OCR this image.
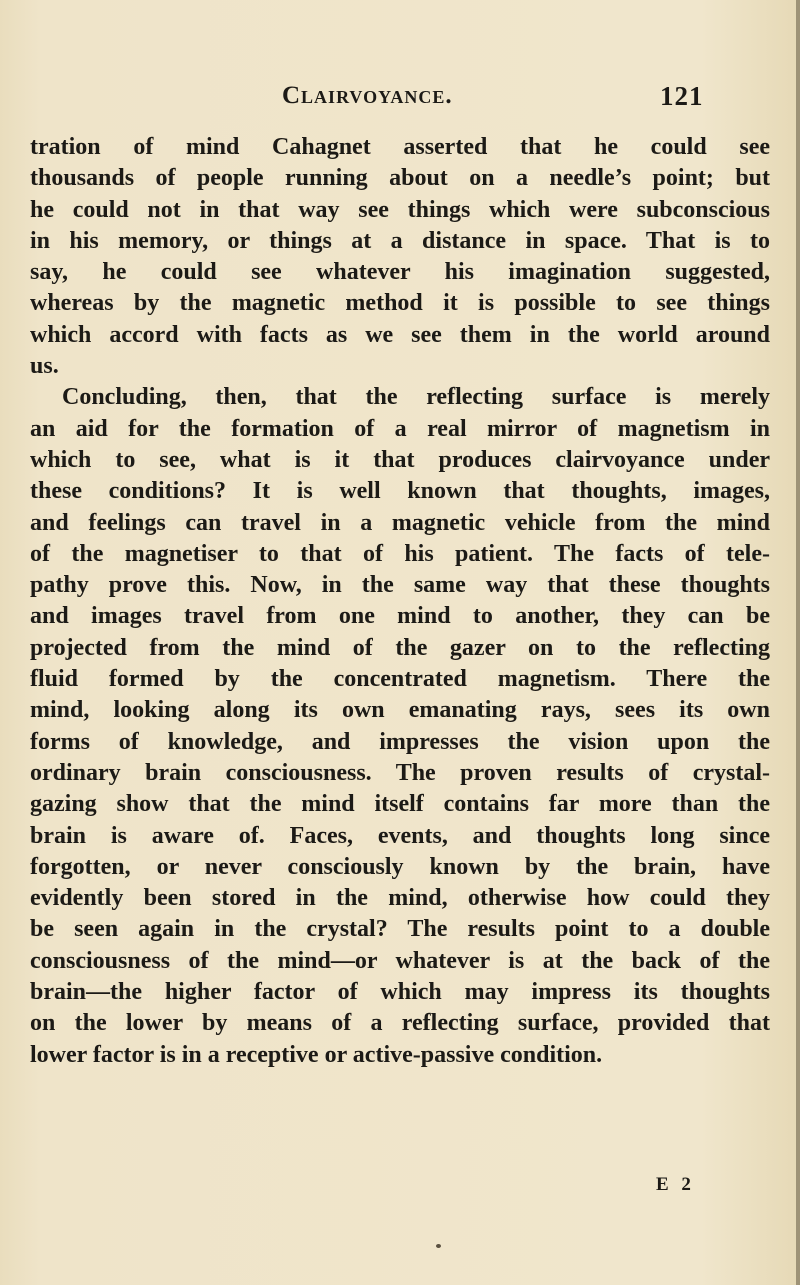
Clairvoyance.	121
tration of mind Cahagnet asserted that he could see
thousands of people running about on a needle’s point; but
he could not in that way see things which were subconscious
in his memory, or things at a distance in space. That is to
say, he could see whatever his imagination suggested,
whereas by the magnetic method it is possible to see things
which accord with facts as we see them in the world around
us.
Concluding, then, that the reflecting surface is merely
an aid for the formation of a real mirror of magnetism in
which to see, what is it that produces clairvoyance under
these conditions? It is well known that thoughts, images,
and feelings can travel in a magnetic vehicle from the mind
of the magnetiser to that of his patient. The facts of tele-
pathy prove this. Now, in the same way that these thoughts
and images travel from one mind to another, they can be
projected from the mind of the gazer on to the reflecting
fluid formed by the concentrated magnetism. There the
mind, looking along its own emanating rays, sees its own
forms of knowledge, and impresses the vision upon the
ordinary brain consciousness. The proven results of crystal-
gazing show that the mind itself contains far more than the
brain is aware of. Faces, events, and thoughts long since
forgotten, or never consciously known by the brain, have
evidently been stored in the mind, otherwise how could they
be seen again in the crystal? The results point to a double
consciousness of the mind—or whatever is at the back of the
brain—the higher factor of which may impress its thoughts
on the lower by means of a reflecting surface, provided that
lower factor is in a receptive or active-passive condition.
E 2
